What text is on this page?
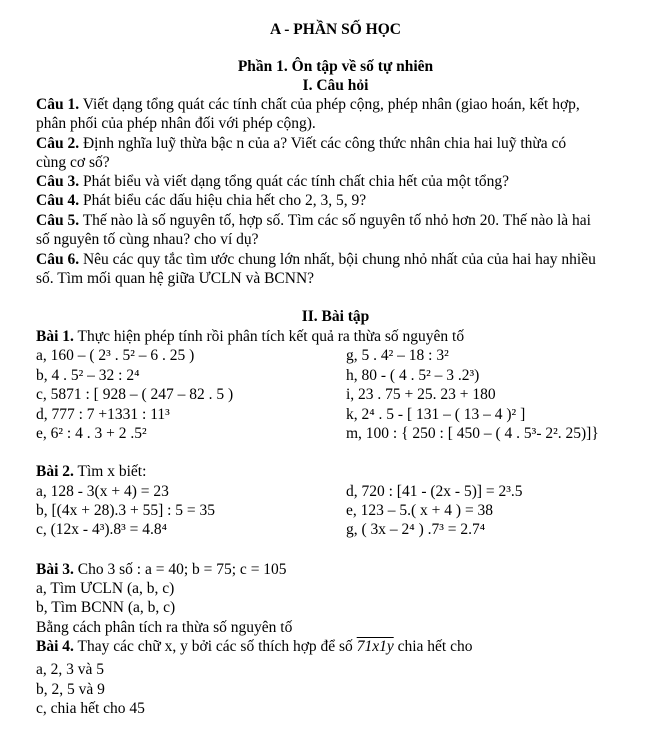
A - PHẦN SỐ HỌC
Phần 1. Ôn tập về số tự nhiên
I. Câu hỏi
Câu 1. Viết dạng tổng quát các tính chất của phép cộng, phép nhân (giao hoán, kết hợp,
phân phối của phép nhân đối với phép cộng).
Câu 2. Định nghĩa luỹ thừa bậc n của a? Viết các công thức nhân chia hai luỹ thừa có
cùng cơ số?
Câu 3. Phát biểu và viết dạng tổng quát các tính chất chia hết của một tổng?
Câu 4. Phát biểu các dấu hiệu chia hết cho 2, 3, 5, 9?
Câu 5. Thế nào là số nguyên tố, hợp số. Tìm các số nguyên tố nhỏ hơn 20. Thế nào là hai
số nguyên tố cùng nhau? cho ví dụ?
Câu 6. Nêu các quy tắc tìm ước chung lớn nhất, bội chung nhỏ nhất của của hai hay nhiều
số. Tìm mối quan hệ giữa ƯCLN và BCNN?
II. Bài tập
Bài 1. Thực hiện phép tính rồi phân tích kết quả ra thừa số nguyên tố
a, 160 – ( 2³ . 5² – 6 . 25 )	g, 5 . 4² – 18 : 3²
b, 4 . 5² – 32 : 2⁴	h, 80 - ( 4 . 5² – 3 .2³)
c, 5871 : [ 928 – ( 247 – 82 . 5 )	i, 23 . 75 + 25. 23 + 180
d, 777 : 7 +1331 : 11³	k, 2⁴ . 5 - [ 131 – ( 13 – 4 )² ]
e, 6² : 4 . 3 + 2 .5²	m, 100 : { 250 : [ 450 – ( 4 . 5³- 2². 25)]}
Bài 2. Tìm x biết:
a, 128 - 3(x + 4) = 23	d, 720 : [41 - (2x - 5)] = 2³.5
b, [(4x + 28).3 + 55] : 5 = 35	e, 123 – 5.( x + 4 ) = 38
c, (12x - 4³).8³ = 4.8⁴	g, ( 3x – 2⁴ ) .7³ = 2.7⁴
Bài 3. Cho 3 số : a = 40; b = 75; c = 105
a, Tìm ƯCLN (a, b, c)
b, Tìm BCNN (a, b, c)
Bằng cách phân tích ra thừa số nguyên tố
Bài 4. Thay các chữ x, y bởi các số thích hợp để số 71x1y chia hết cho
a, 2, 3 và 5
b, 2, 5 và 9
c, chia hết cho 45
